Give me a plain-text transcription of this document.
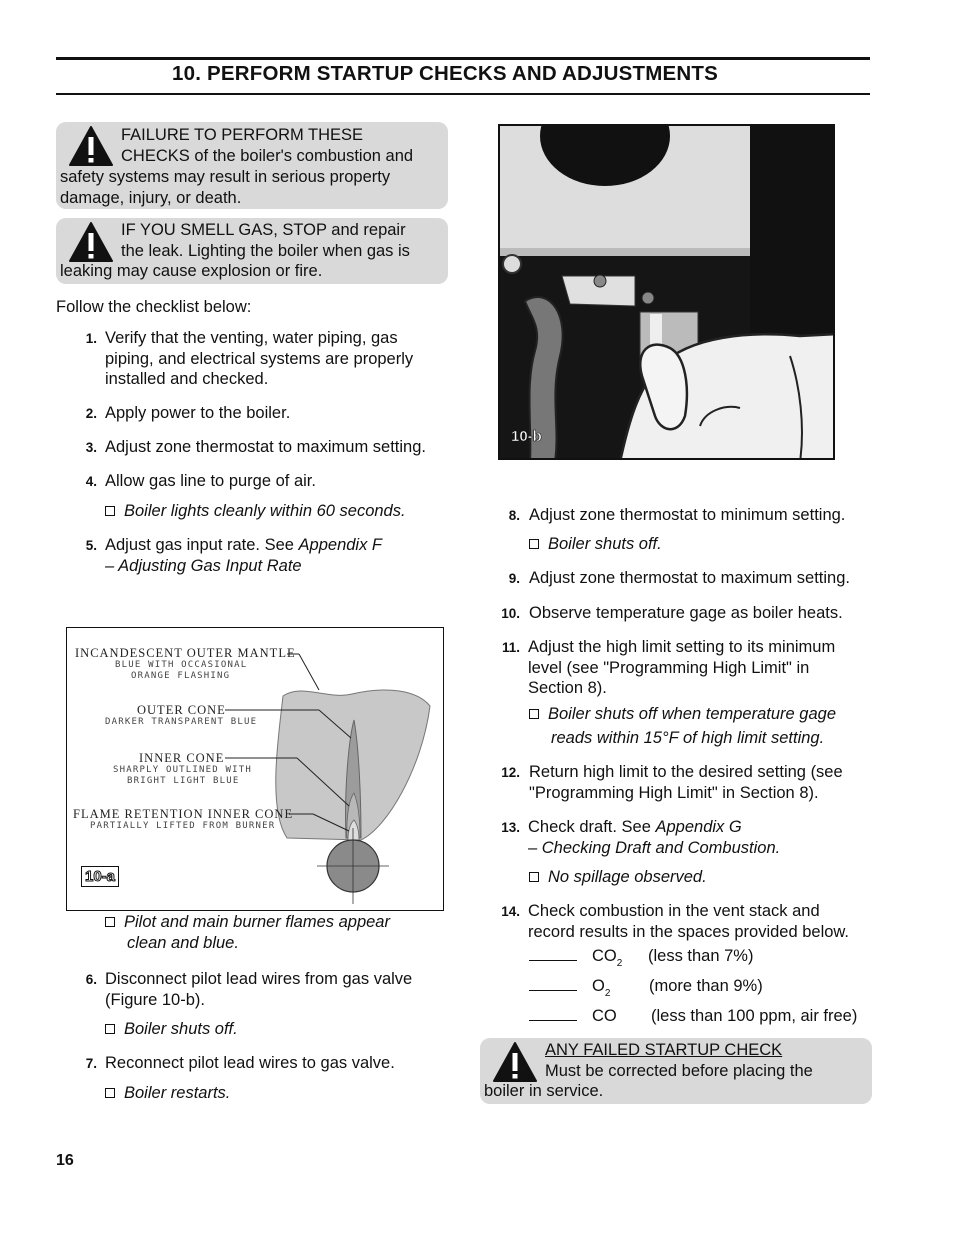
10. PERFORM STARTUP CHECKS AND ADJUSTMENTS
FAILURE TO PERFORM THESE
CHECKS of the boiler's combustion and
safety systems may result in serious property
damage, injury, or death.
IF YOU SMELL GAS, STOP and repair
the leak. Lighting the boiler when gas is
leaking may cause explosion or fire.
Follow the checklist below:
1. Verify that the venting, water piping, gas
piping, and electrical systems are properly
installed and checked.
2. Apply power to the boiler.
3. Adjust zone thermostat to maximum setting.
4. Allow gas line to purge of air.
Boiler lights cleanly within 60 seconds.
5. Adjust gas input rate. See Appendix F
– Adjusting Gas Input Rate
INCANDESCENT OUTER MANTLE
BLUE WITH OCCASIONAL
ORANGE FLASHING
OUTER CONE
DARKER TRANSPARENT BLUE
INNER CONE
SHARPLY OUTLINED WITH
BRIGHT LIGHT BLUE
FLAME RETENTION INNER CONE
PARTIALLY LIFTED FROM BURNER
10-a
Pilot and main burner flames appear
clean and blue.
6. Disconnect pilot lead wires from gas valve
(Figure 10-b).
Boiler shuts off.
7. Reconnect pilot lead wires to gas valve.
Boiler restarts.
10-b
8. Adjust zone thermostat to minimum setting.
Boiler shuts off.
9. Adjust zone thermostat to maximum setting.
10. Observe temperature gage as boiler heats.
11. Adjust the high limit setting to its minimum
level (see "Programming High Limit" in
Section 8).
Boiler shuts off when temperature gage
reads within 15°F of high limit setting.
12. Return high limit to the desired setting (see
"Programming High Limit" in Section 8).
13. Check draft. See Appendix G
– Checking Draft and Combustion.
No spillage observed.
14. Check combustion in the vent stack and
record results in the spaces provided below.
$CO_2$ (less than 7%)
$O_2$ (more than 9%)
CO (less than 100 ppm, air free)
ANY FAILED STARTUP CHECK
Must be corrected before placing the
boiler in service.
16
